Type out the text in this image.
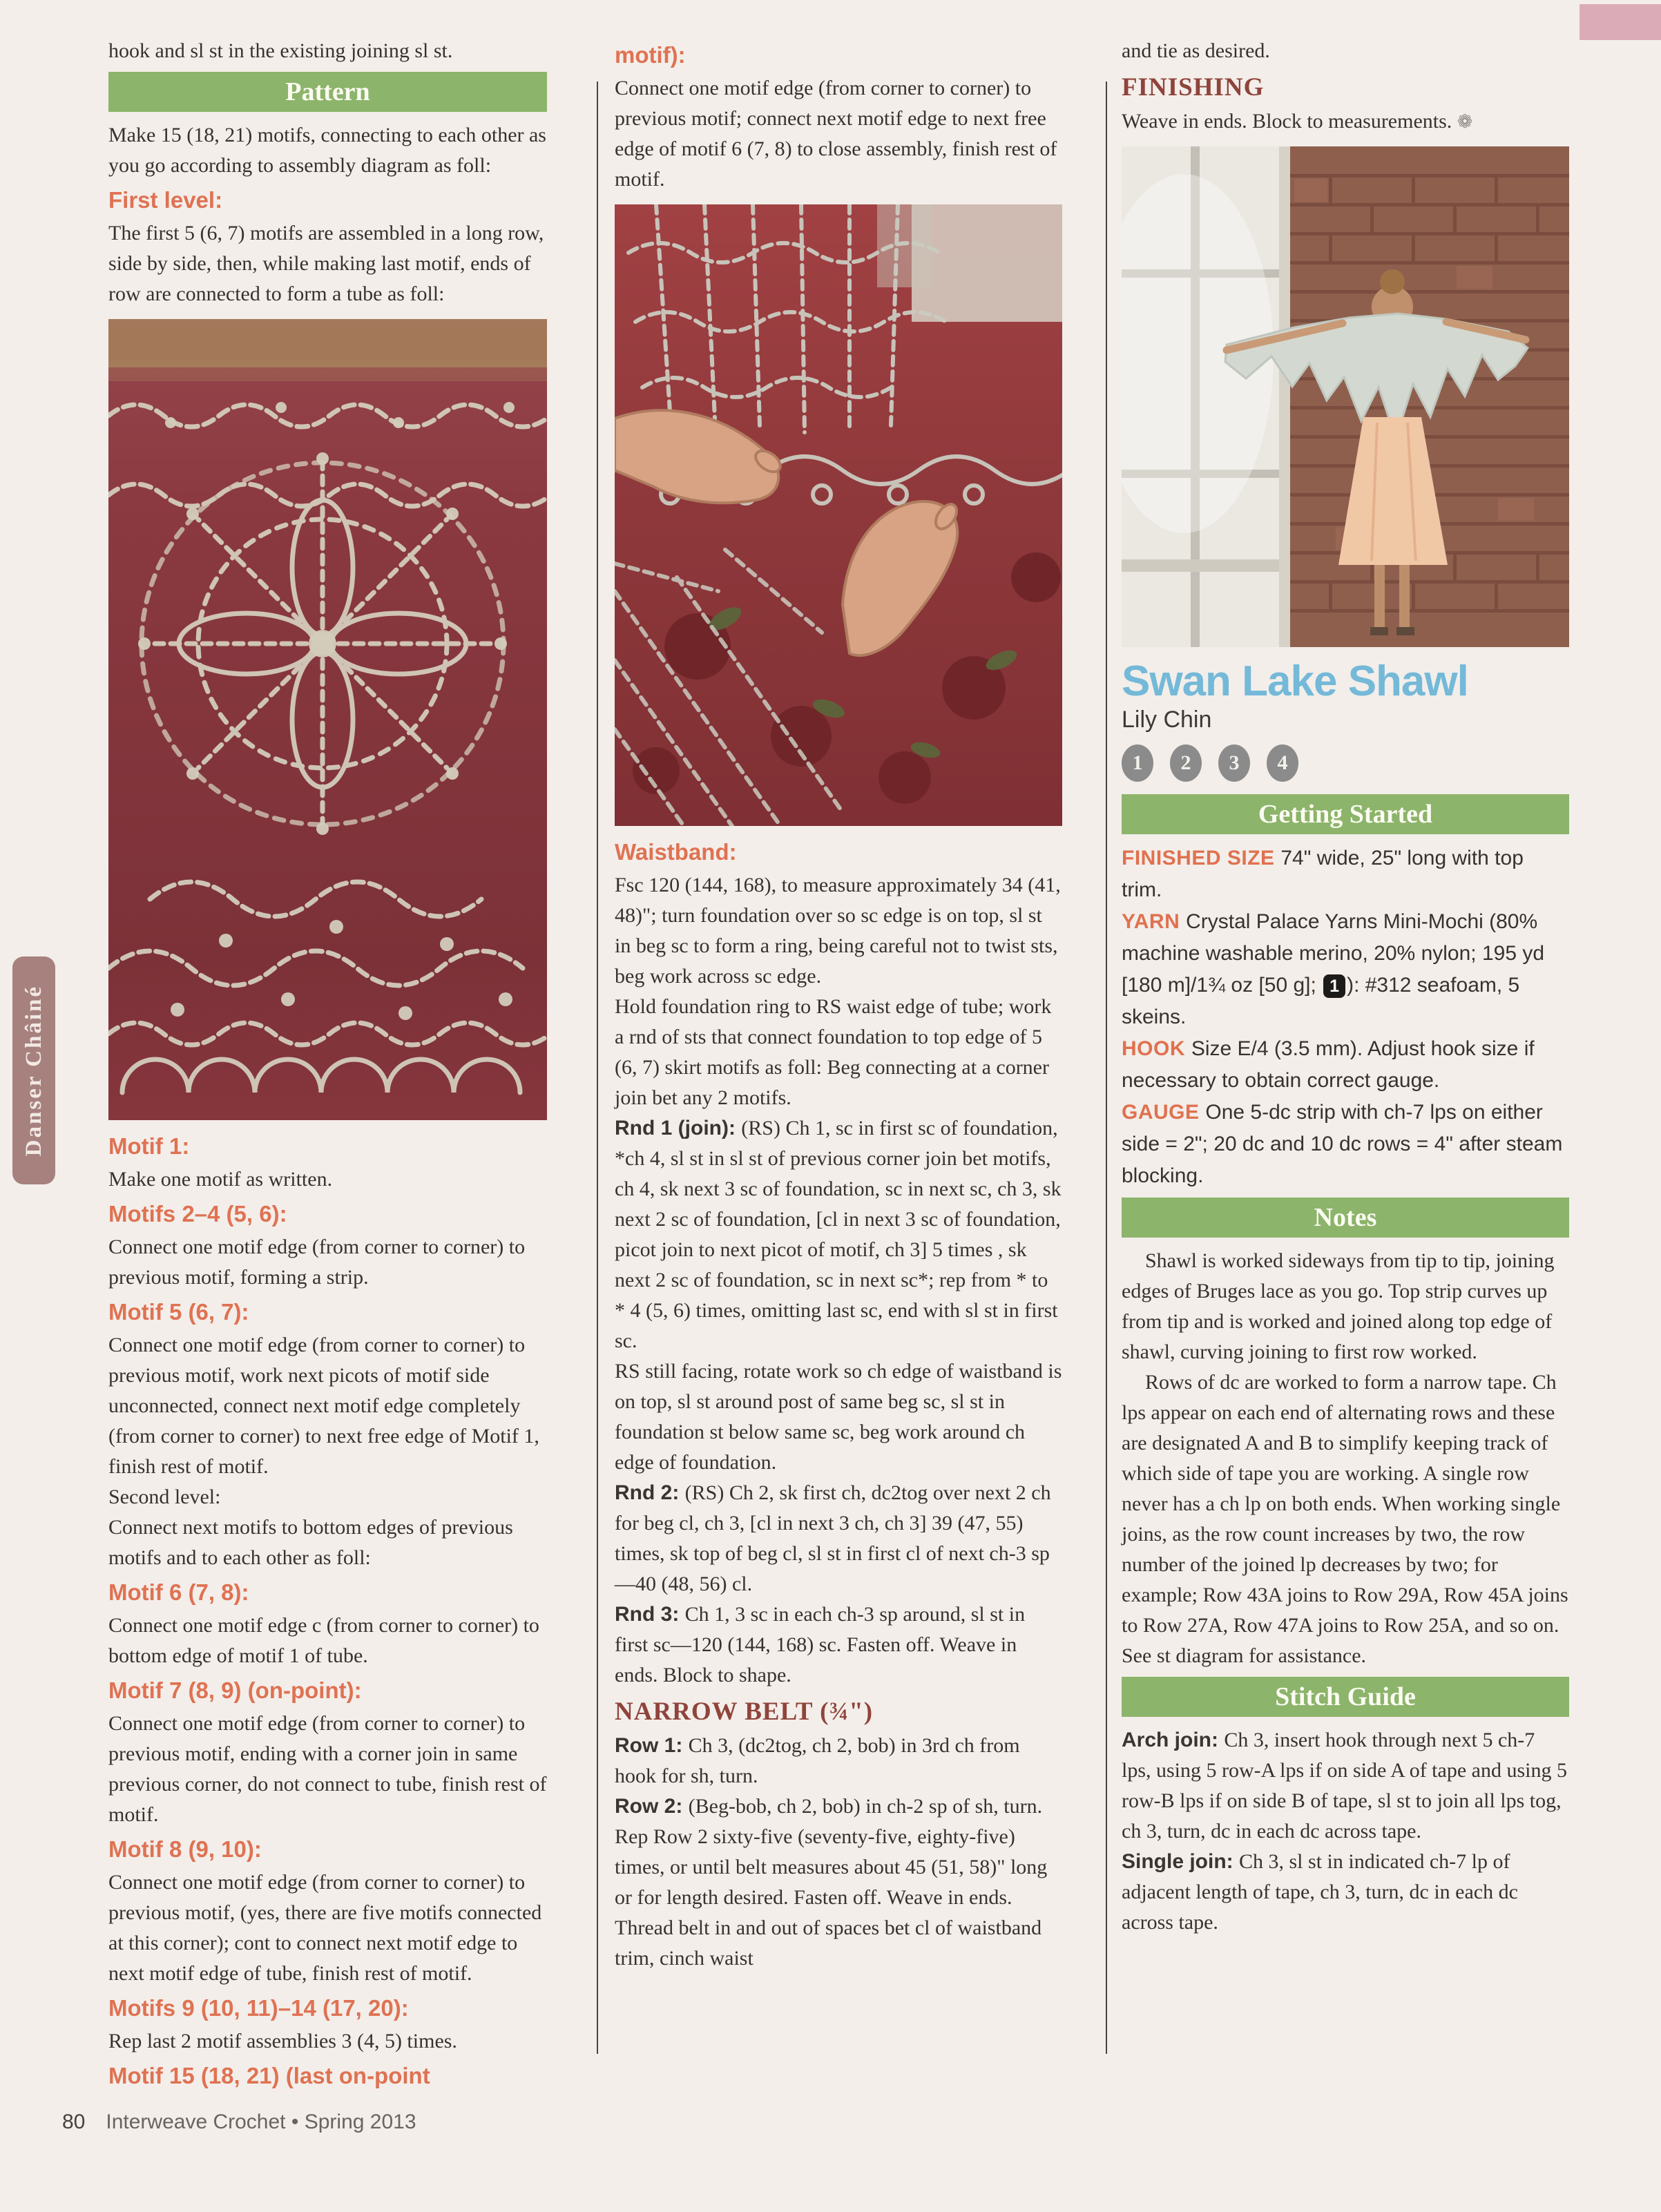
hook and sl st in the existing joining sl st.

Pattern

Make 15 (18, 21) motifs, connecting to each other as you go according to assembly diagram as foll:

First level:

The first 5 (6, 7) motifs are assembled in a long row, side by side, then, while making last motif, ends of row are connected to form a tube as foll:

Motif 1:

Make one motif as written.

Motifs 2–4 (5, 6):

Connect one motif edge (from corner to corner) to previous motif, forming a strip.

Motif 5 (6, 7):

Connect one motif edge (from corner to corner) to previous motif, work next picots of motif side unconnected, connect next motif edge completely (from corner to corner) to next free edge of Motif 1, finish rest of motif.

Second level:

Connect next motifs to bottom edges of previous motifs and to each other as foll:

Motif 6 (7, 8):

Connect one motif edge c (from corner to corner) to bottom edge of motif 1 of tube.

Motif 7 (8, 9) (on-point):

Connect one motif edge (from corner to corner) to previous motif, ending with a corner join in same previous corner, do not connect to tube, finish rest of motif.

Motif 8 (9, 10):

Connect one motif edge (from corner to corner) to previous motif, (yes, there are five motifs connected at this corner); cont to connect next motif edge to next motif edge of tube, finish rest of motif.

Motifs 9 (10, 11)–14 (17, 20):

Rep last 2 motif assemblies 3 (4, 5) times.

Motif 15 (18, 21) (last on-point
motif):

Connect one motif edge (from corner to corner) to previous motif; connect next motif edge to next free edge of motif 6 (7, 8) to close assembly, finish rest of motif.

Waistband:

Fsc 120 (144, 168), to measure approximately 34 (41, 48)"; turn foundation over so sc edge is on top, sl st in beg sc to form a ring, being careful not to twist sts, beg work across sc edge.

Hold foundation ring to RS waist edge of tube; work a rnd of sts that connect foundation to top edge of 5 (6, 7) skirt motifs as foll: Beg connecting at a corner join bet any 2 motifs.

Rnd 1 (join): (RS) Ch 1, sc in first sc of foundation, *ch 4, sl st in sl st of previous corner join bet motifs, ch 4, sk next 3 sc of foundation, sc in next sc, ch 3, sk next 2 sc of foundation, [cl in next 3 sc of foundation, picot join to next picot of motif, ch 3] 5 times , sk next 2 sc of foundation, sc in next sc*; rep from * to * 4 (5, 6) times, omitting last sc, end with sl st in first sc.

RS still facing, rotate work so ch edge of waistband is on top, sl st around post of same beg sc, sl st in foundation st below same sc, beg work around ch edge of foundation.

Rnd 2: (RS) Ch 2, sk first ch, dc2tog over next 2 ch for beg cl, ch 3, [cl in next 3 ch, ch 3] 39 (47, 55) times, sk top of beg cl, sl st in first cl of next ch-3 sp—40 (48, 56) cl.

Rnd 3: Ch 1, 3 sc in each ch-3 sp around, sl st in first sc—120 (144, 168) sc. Fasten off. Weave in ends. Block to shape.

NARROW BELT (¾")

Row 1: Ch 3, (dc2tog, ch 2, bob) in 3rd ch from hook for sh, turn.

Row 2: (Beg-bob, ch 2, bob) in ch-2 sp of sh, turn.

Rep Row 2 sixty-five (seventy-five, eighty-five) times, or until belt measures about 45 (51, 58)" long or for length desired. Fasten off. Weave in ends. Thread belt in and out of spaces bet cl of waistband trim, cinch waist

and tie as desired.

FINISHING

Weave in ends. Block to measurements. ❁

Swan Lake Shawl
Lily Chin
1 2 3 4
Getting Started

FINISHED SIZE 74" wide, 25" long with top trim.

YARN Crystal Palace Yarns Mini-Mochi (80% machine washable merino, 20% nylon; 195 yd [180 m]/1¾ oz [50 g]; 1 ): #312 seafoam, 5 skeins.

HOOK Size E/4 (3.5 mm). Adjust hook size if necessary to obtain correct gauge.

GAUGE One 5-dc strip with ch-7 lps on either side = 2"; 20 dc and 10 dc rows = 4" after steam blocking.

Notes

Shawl is worked sideways from tip to tip, joining edges of Bruges lace as you go. Top strip curves up from tip and is worked and joined along top edge of shawl, curving joining to first row worked.

Rows of dc are worked to form a narrow tape. Ch lps appear on each end of alternating rows and these are designated A and B to simplify keeping track of which side of tape you are working. A single row never has a ch lp on both ends. When working single joins, as the row count increases by two, the row number of the joined lp decreases by two; for example; Row 43A joins to Row 29A, Row 45A joins to Row 27A, Row 47A joins to Row 25A, and so on. See st diagram for assistance.

Stitch Guide

Arch join: Ch 3, insert hook through next 5 ch-7 lps, using 5 row-A lps if on side A of tape and using 5 row-B lps if on side B of tape, sl st to join all lps tog, ch 3, turn, dc in each dc across tape.

Single join: Ch 3, sl st in indicated ch-7 lp of adjacent length of tape, ch 3, turn, dc in each dc across tape.

Danser Châiné
80 Interweave Crochet • Spring 2013
